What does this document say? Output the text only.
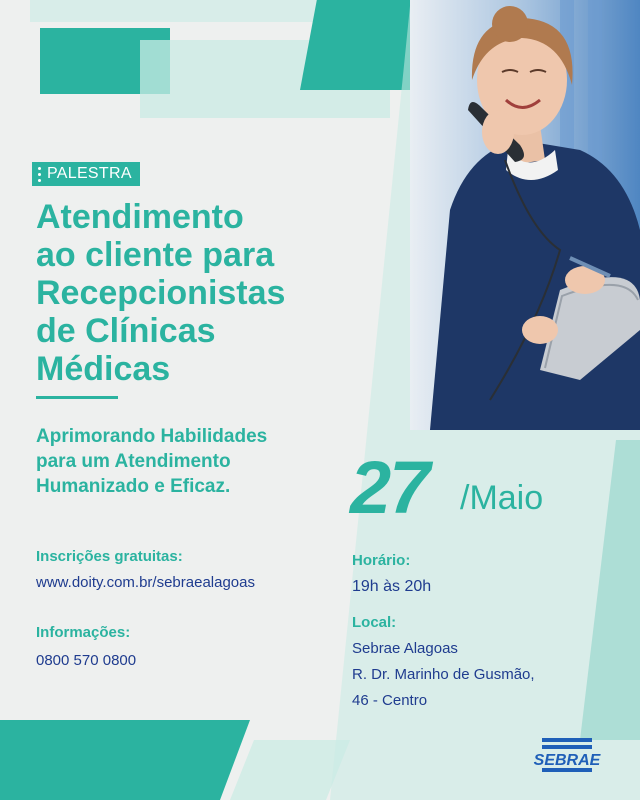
PALESTRA
Atendimento
ao cliente para
Recepcionistas
de Clínicas
Médicas
Aprimorando Habilidades
para um Atendimento
Humanizado e Eficaz.
Inscrições gratuitas:
www.doity.com.br/sebraealagoas
Informações:
0800 570 0800
27 /Maio
Horário:
19h às 20h
Local:
Sebrae Alagoas
R. Dr. Marinho de Gusmão,
46 - Centro
SEBRAE
